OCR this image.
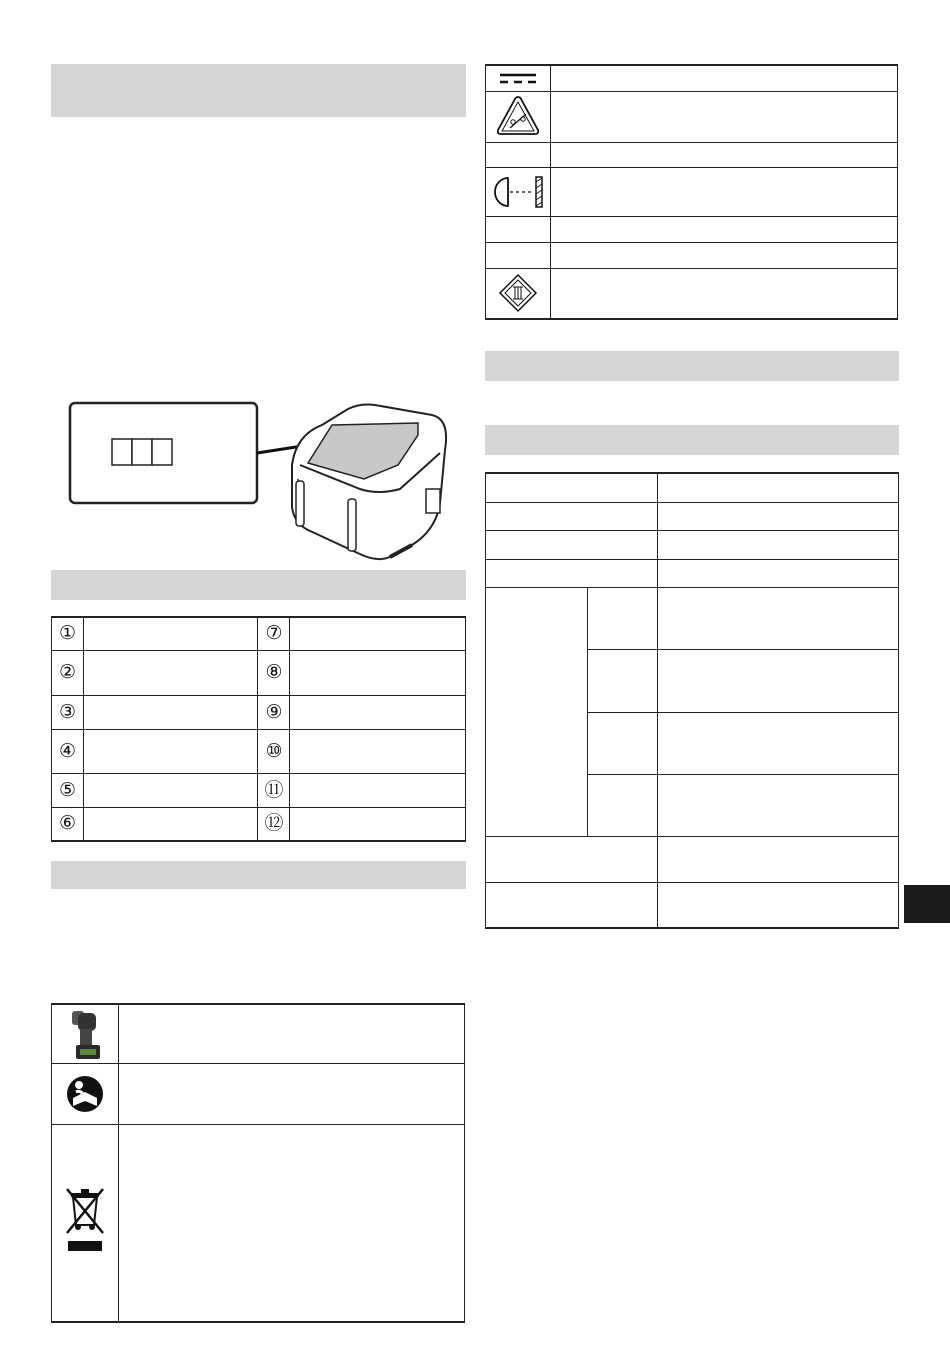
①		⑦	
②		⑧	
③		⑨	
④		⑩	
⑤		⑪	
⑥		⑫	
